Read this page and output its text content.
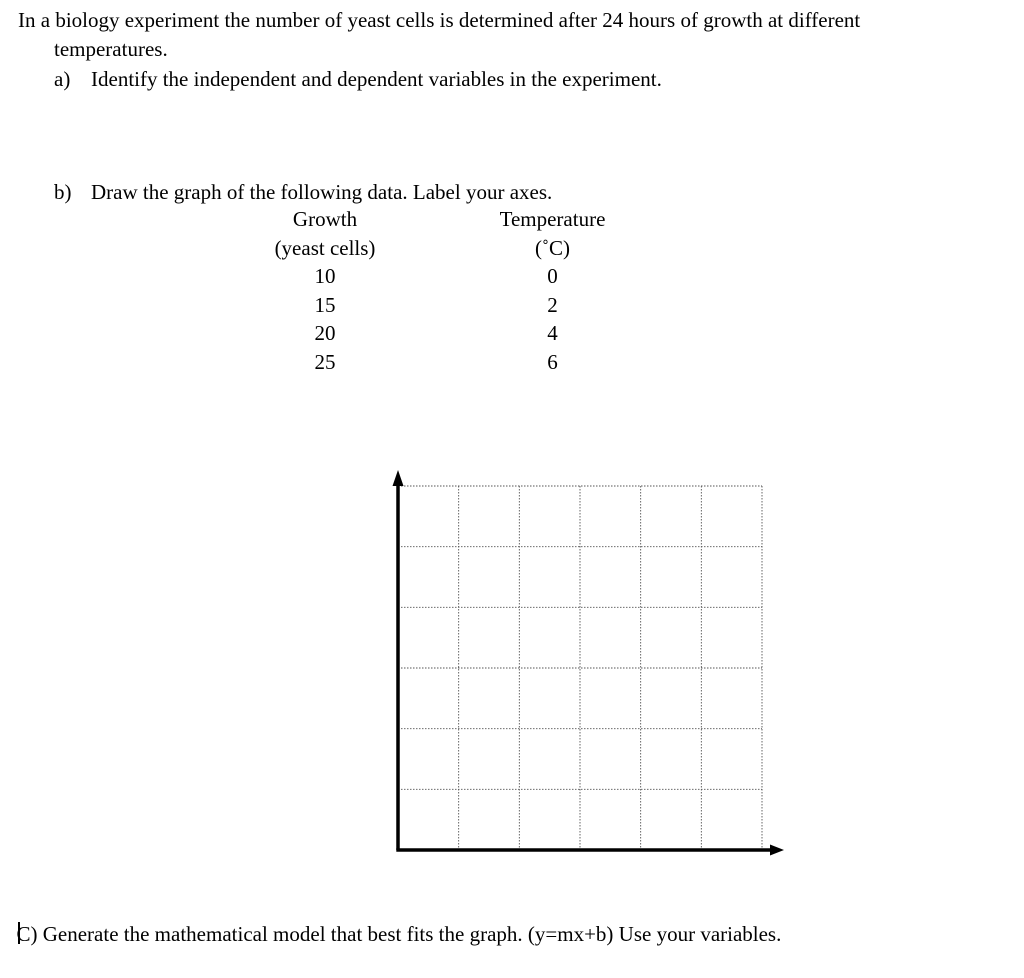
In a biology experiment the number of yeast cells is determined after 24 hours of growth at different
temperatures.
a) Identify the independent and dependent variables in the experiment.
b) Draw the graph of the following data. Label your axes.
Growth
(yeast cells)
10
15
20
25
Temperature
(˚C)
0
2
4
6
C) Generate the mathematical model that best fits the graph. (y=mx+b) Use your variables.
